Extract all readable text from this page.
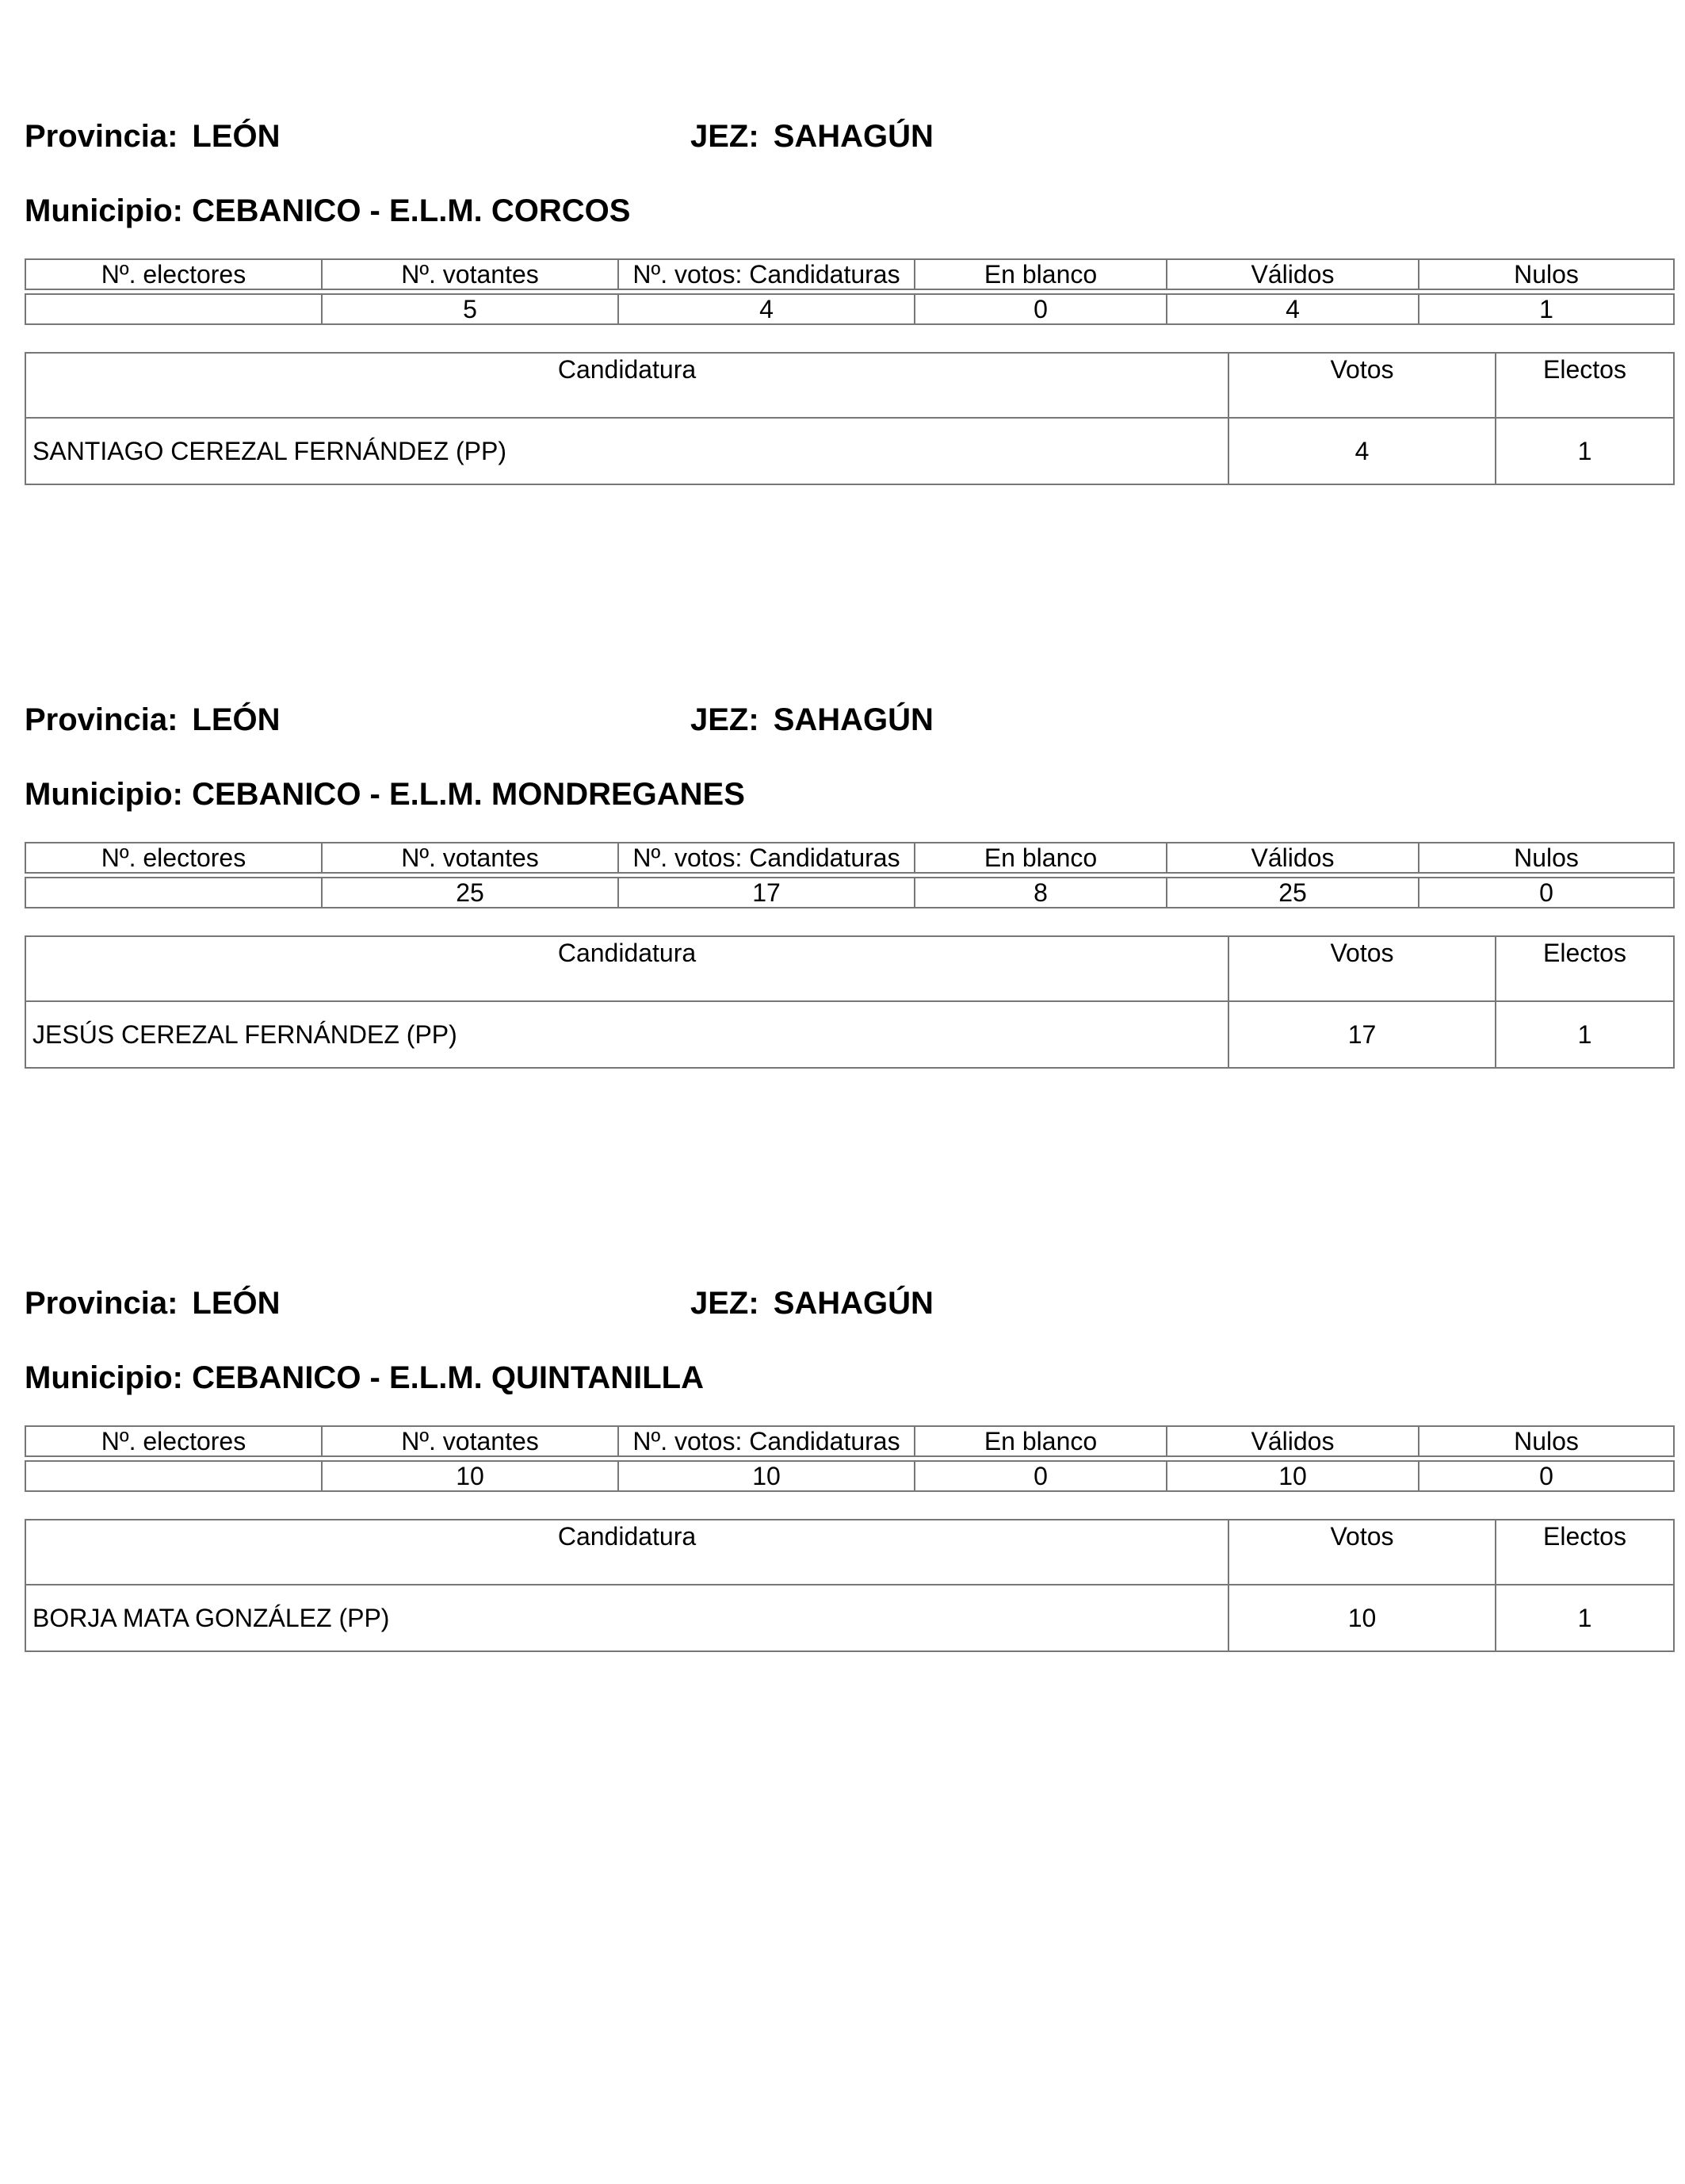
Provincia: LEÓN	JEZ: SAHAGÚN
Municipio: CEBANICO - E.L.M. CORCOS
Nº. electores	Nº. votantes	Nº. votos: Candidaturas	En blanco	Válidos	Nulos

	5	4	0	4	1
Candidatura	Votos	Electos
SANTIAGO CEREZAL FERNÁNDEZ (PP)	4	1
Provincia: LEÓN	JEZ: SAHAGÚN
Municipio: CEBANICO - E.L.M. MONDREGANES
Nº. electores	Nº. votantes	Nº. votos: Candidaturas	En blanco	Válidos	Nulos

	25	17	8	25	0
Candidatura	Votos	Electos
JESÚS CEREZAL FERNÁNDEZ (PP)	17	1
Provincia: LEÓN	JEZ: SAHAGÚN
Municipio: CEBANICO - E.L.M. QUINTANILLA
Nº. electores	Nº. votantes	Nº. votos: Candidaturas	En blanco	Válidos	Nulos

	10	10	0	10	0
Candidatura	Votos	Electos
BORJA MATA GONZÁLEZ (PP)	10	1
